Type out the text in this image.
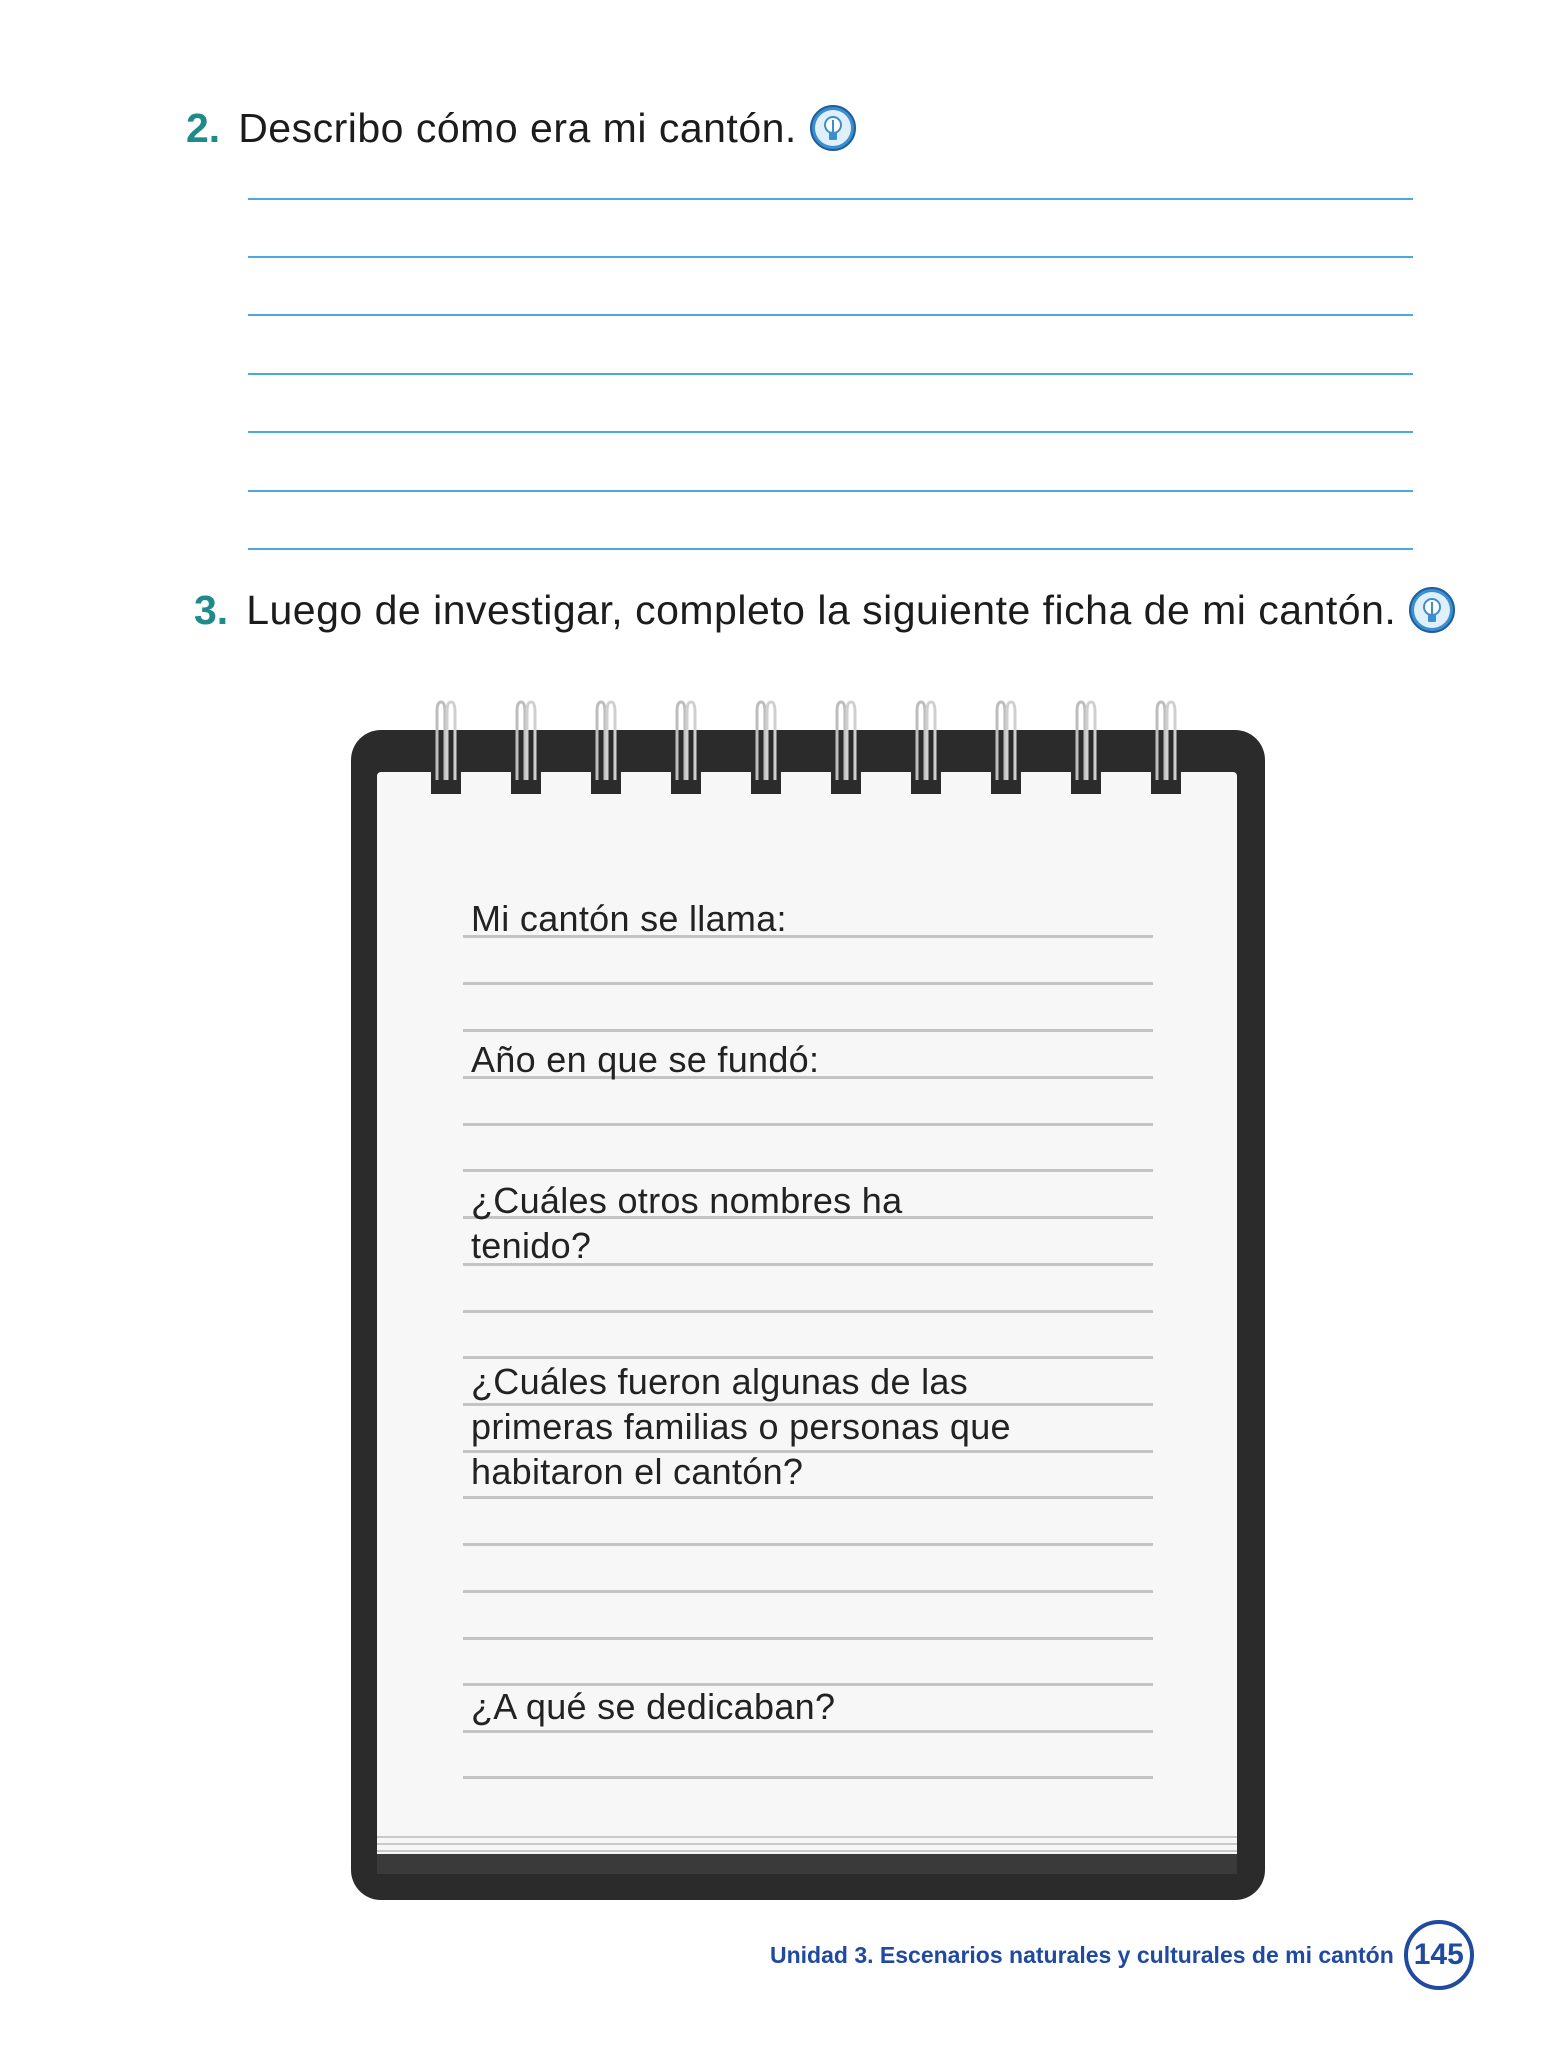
2. Describo cómo era mi cantón.
3. Luego de investigar, completo la siguiente ficha de mi cantón.
Mi cantón se llama:
Año en que se fundó:
¿Cuáles otros nombres ha tenido?
¿Cuáles fueron algunas de las primeras familias o personas que habitaron el cantón?
¿A qué se dedicaban?
Unidad 3. Escenarios naturales y culturales de mi cantón 145
